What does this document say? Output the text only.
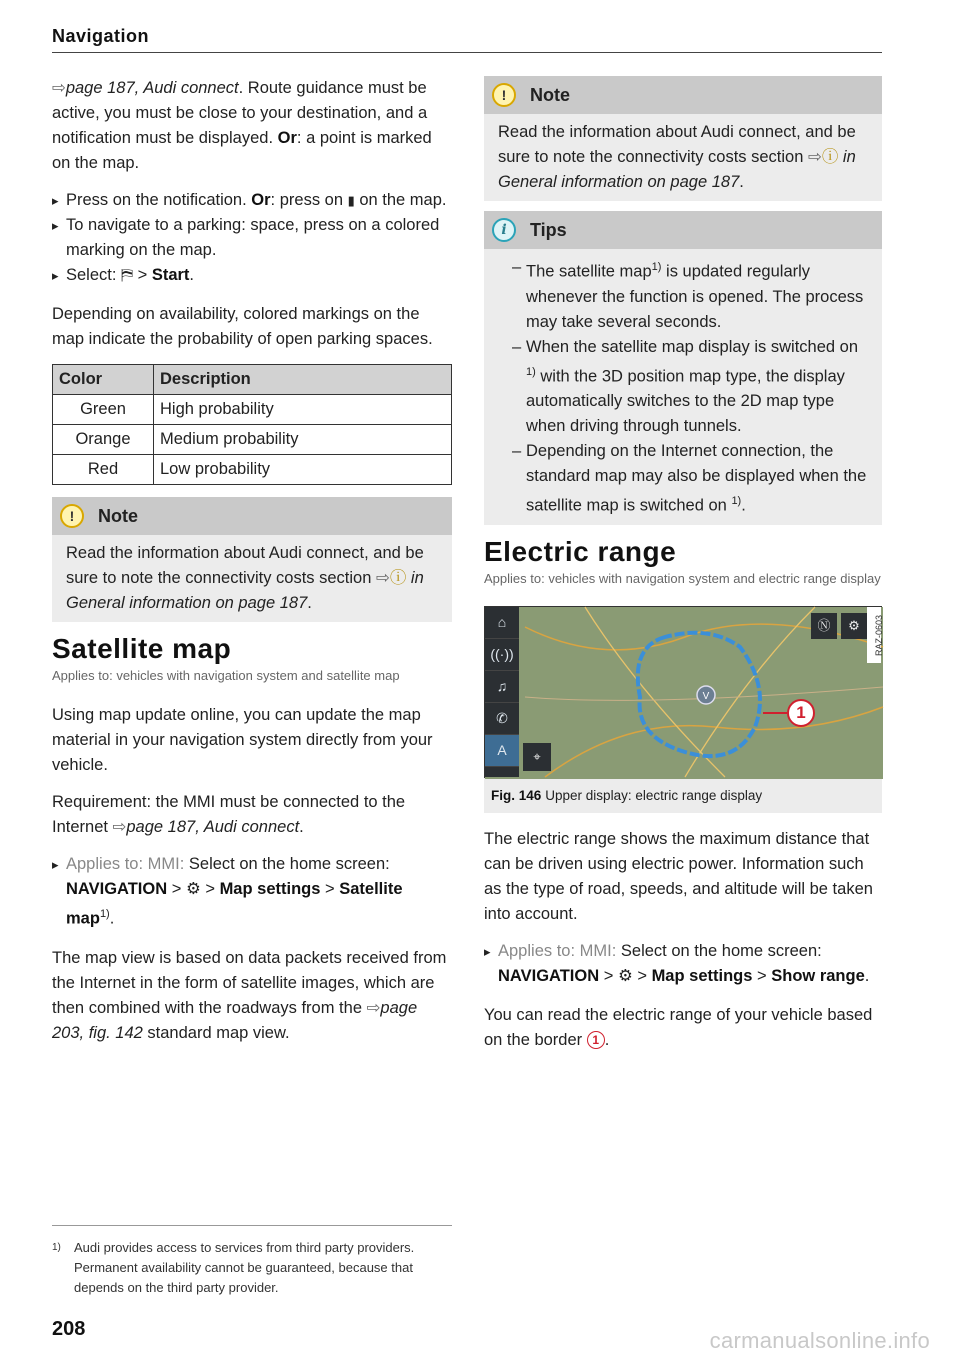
Navigation

⇨page 187, Audi connect. Route guidance must be active, you must be close to your destination, and a notification must be displayed. Or: a point is marked on the map.

▸ Press on the notification. Or: press on ▮ on the map.
▸ To navigate to a parking: space, press on a colored marking on the map.
▸ Select: ⛿ > Start.

Depending on availability, colored markings on the map indicate the probability of open parking spaces.

Color	Description
Green	High probability
Orange	Medium probability
Red	Low probability
!	Note
Read the information about Audi connect, and be sure to note the connectivity costs section ⇨ⓘ in General information on page 187.
Satellite map
Applies to: vehicles with navigation system and satellite map

Using map update online, you can update the map material in your navigation system directly from your vehicle.

Requirement: the MMI must be connected to the Internet ⇨page 187, Audi connect.

▸ Applies to: MMI: Select on the home screen: NAVIGATION > ⚙ > Map settings > Satellite map$^{1)}$.

The map view is based on data packets received from the Internet in the form of satellite images, which are then combined with the roadways from the ⇨page 203, fig. 142 standard map view.

!	Note
Read the information about Audi connect, and be sure to note the connectivity costs section ⇨ⓘ in General information on page 187.
i	Tips
– The satellite map$^{1)}$ is updated regularly whenever the function is opened. The process may take several seconds.
– When the satellite map display is switched on $^{1)}$ with the 3D position map type, the display automatically switches to the 2D map type when driving through tunnels.
– Depending on the Internet connection, the standard map may also be displayed when the satellite map is switched on $^{1)}$.
Electric range
Applies to: vehicles with navigation system and electric range display
V
⌂
((·))
♫
✆
A
Ⓝ	⚙	RAZ-0603
⌖
1
Fig. 146 Upper display: electric range display

The electric range shows the maximum distance that can be driven using electric power. Information such as the type of road, speeds, and altitude will be taken into account.

▸ Applies to: MMI: Select on the home screen: NAVIGATION > ⚙ > Map settings > Show range.

You can read the electric range of your vehicle based on the border 1 .

1)	Audi provides access to services from third party providers. Permanent availability cannot be guaranteed, because that depends on the third party provider.
208	carmanualsonline.info
